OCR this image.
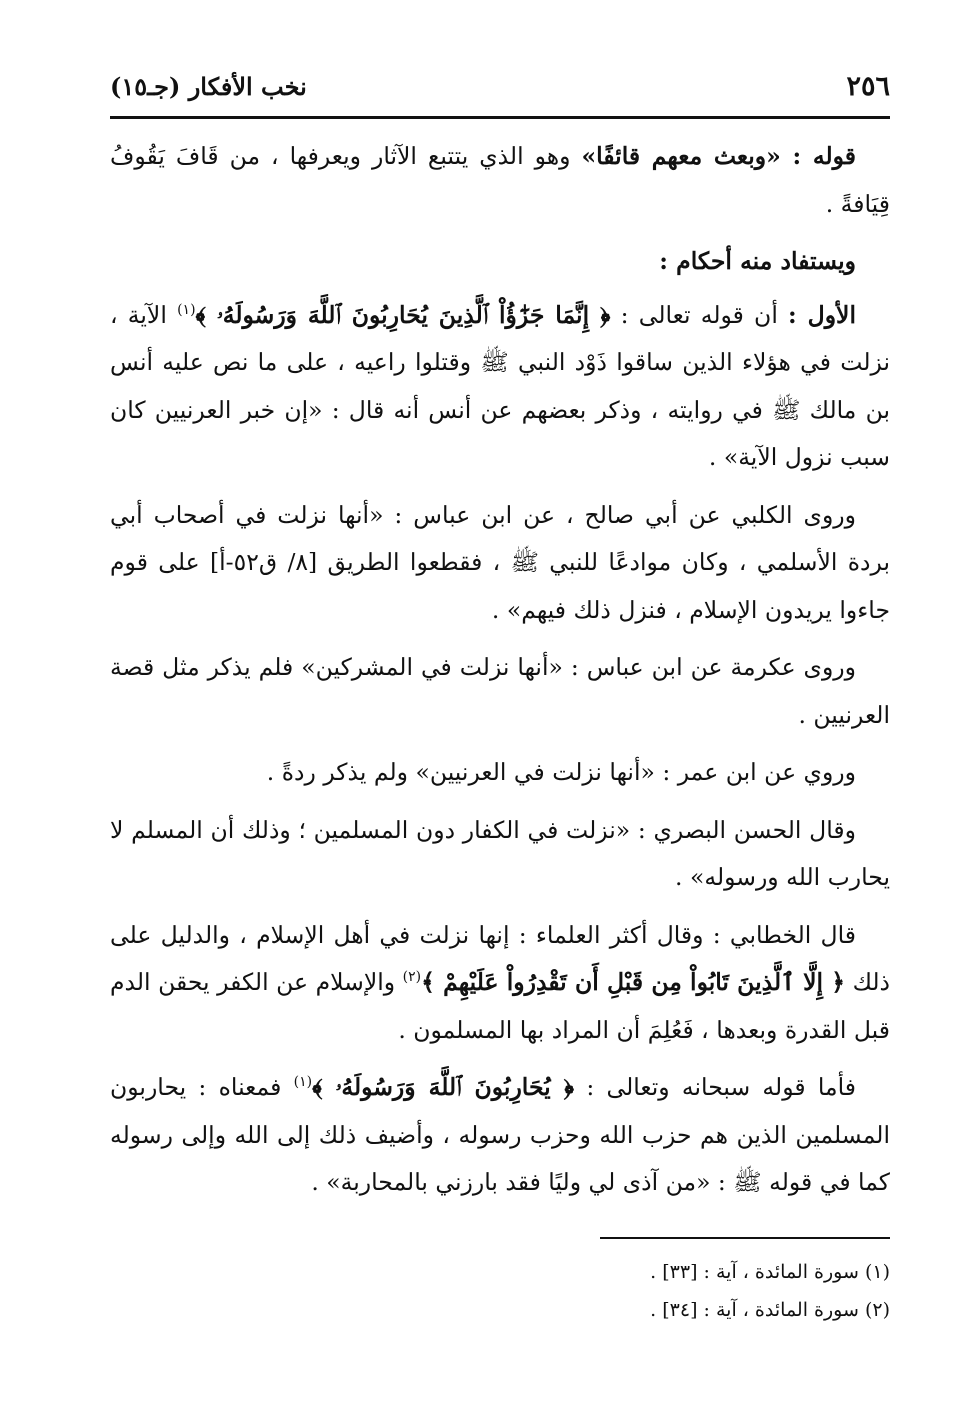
٢٥٦
نخب الأفكار (جـ١٥)

قوله : «وبعث معهم قائفًا» وهو الذي يتتبع الآثار ويعرفها ، من قَافَ يَقُوفُ قِيَافةً .

ويستفاد منه أحكام :

الأول : أن قوله تعالى : ﴿ إِنَّمَا جَزَٰٓؤُاْ ٱلَّذِينَ يُحَارِبُونَ ٱللَّهَ وَرَسُولَهُۥ ﴾$^{(١)}$ الآية ، نزلت في هؤلاء الذين ساقوا ذَوْد النبي ﷺ وقتلوا راعيه ، على ما نص عليه أنس بن مالك ﷺ في روايته ، وذكر بعضهم عن أنس أنه قال : «إن خبر العرنيين كان سبب نزول الآية» .

وروى الكلبي عن أبي صالح ، عن ابن عباس : «أنها نزلت في أصحاب أبي بردة الأسلمي ، وكان موادعًا للنبي ﷺ ، فقطعوا الطريق [٨/ ق٥٢-أ] على قوم جاءوا يريدون الإسلام ، فنزل ذلك فيهم» .

وروى عكرمة عن ابن عباس : «أنها نزلت في المشركين» فلم يذكر مثل قصة العرنيين .

وروي عن ابن عمر : «أنها نزلت في العرنيين» ولم يذكر ردةً .

وقال الحسن البصري : «نزلت في الكفار دون المسلمين ؛ وذلك أن المسلم لا يحارب الله ورسوله» .

قال الخطابي : وقال أكثر العلماء : إنها نزلت في أهل الإسلام ، والدليل على ذلك ﴿ إِلَّا ٱلَّذِينَ تَابُواْ مِن قَبْلِ أَن تَقْدِرُواْ عَلَيْهِمْ ﴾$^{(٢)}$ والإسلام عن الكفر يحقن الدم قبل القدرة وبعدها ، فَعُلِمَ أن المراد بها المسلمون .

فأما قوله سبحانه وتعالى : ﴿ يُحَارِبُونَ ٱللَّهَ وَرَسُولَهُۥ ﴾$^{(١)}$ فمعناه : يحاربون المسلمين الذين هم حزب الله وحزب رسوله ، وأضيف ذلك إلى الله وإلى رسوله كما في قوله ﷺ : «من آذى لي وليًا فقد بارزني بالمحاربة» .

(١) سورة المائدة ، آية : [٣٣] .

(٢) سورة المائدة ، آية : [٣٤] .
